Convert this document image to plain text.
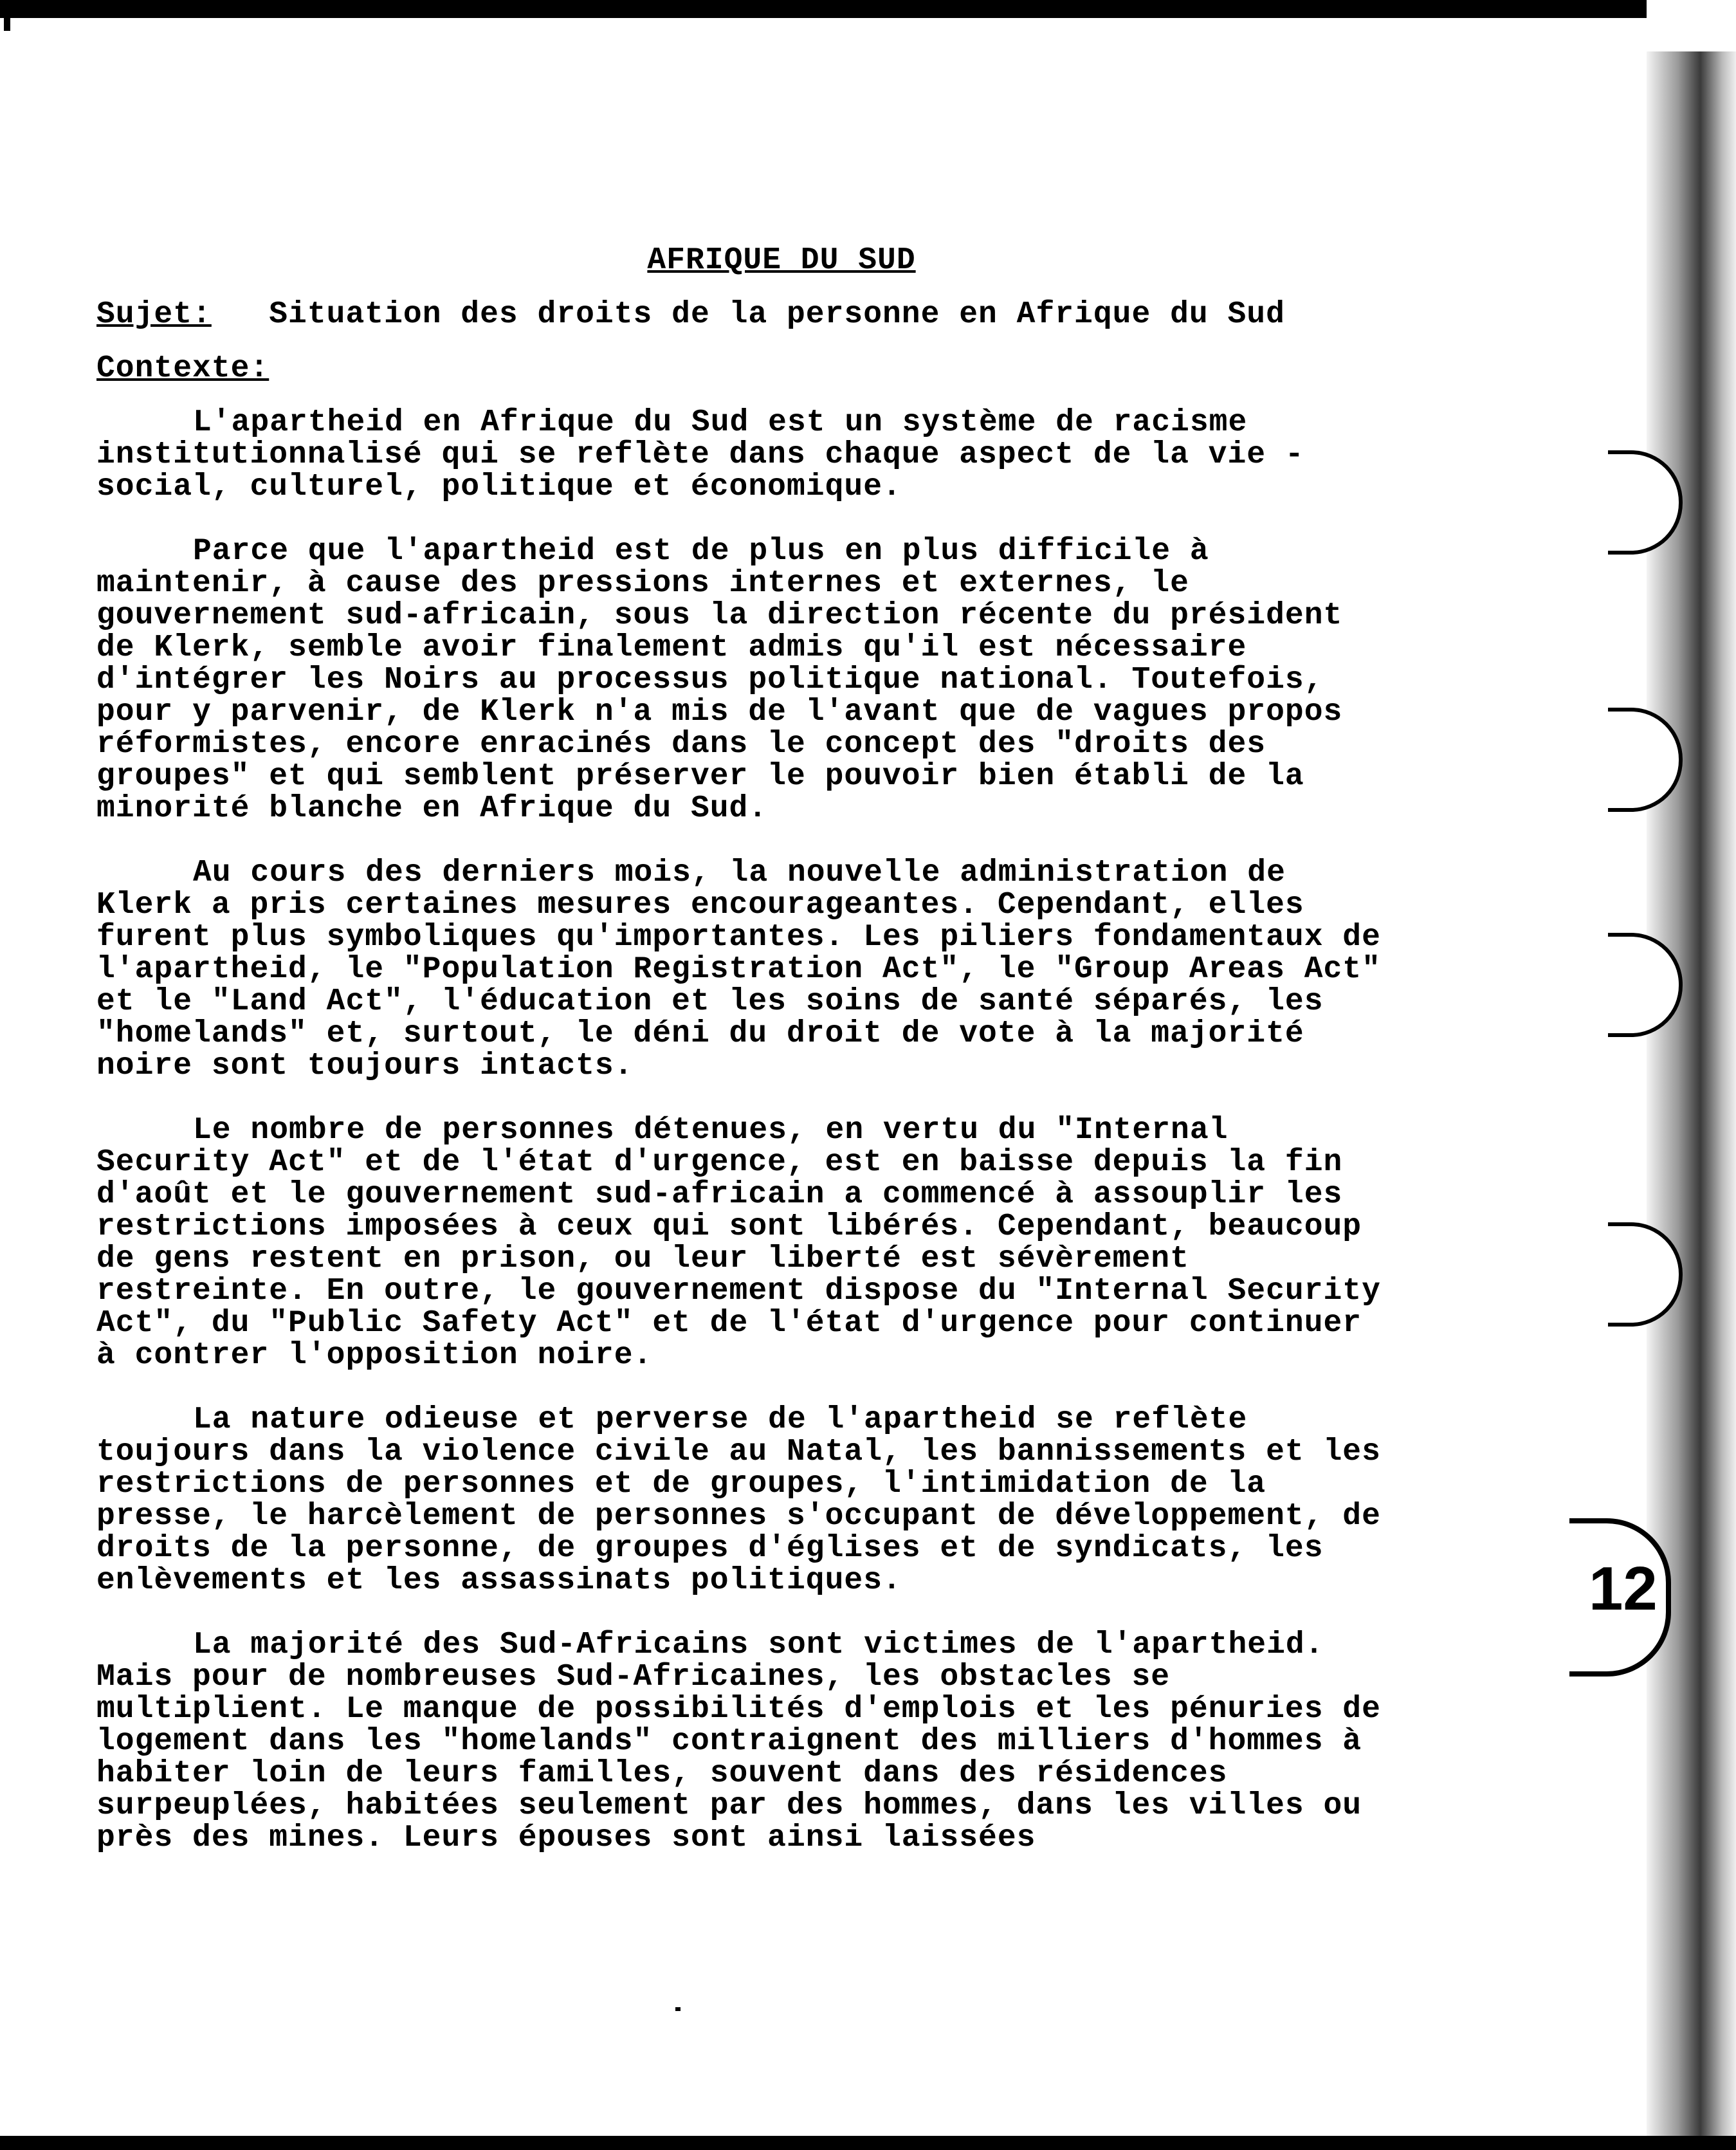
AFRIQUE DU SUD
Sujet: Situation des droits de la personne en Afrique du Sud
Contexte:

L'apartheid en Afrique du Sud est un système de racisme institutionnalisé qui se reflète dans chaque aspect de la vie - social, culturel, politique et économique.

Parce que l'apartheid est de plus en plus difficile à maintenir, à cause des pressions internes et externes, le gouvernement sud-africain, sous la direction récente du président de Klerk, semble avoir finalement admis qu'il est nécessaire d'intégrer les Noirs au processus politique national. Toutefois, pour y parvenir, de Klerk n'a mis de l'avant que de vagues propos réformistes, encore enracinés dans le concept des "droits des groupes" et qui semblent préserver le pouvoir bien établi de la minorité blanche en Afrique du Sud.

Au cours des derniers mois, la nouvelle administration de Klerk a pris certaines mesures encourageantes. Cependant, elles furent plus symboliques qu'importantes. Les piliers fondamentaux de l'apartheid, le "Population Registration Act", le "Group Areas Act" et le "Land Act", l'éducation et les soins de santé séparés, les "homelands" et, surtout, le déni du droit de vote à la majorité noire sont toujours intacts.

Le nombre de personnes détenues, en vertu du "Internal Security Act" et de l'état d'urgence, est en baisse depuis la fin d'août et le gouvernement sud-africain a commencé à assouplir les restrictions imposées à ceux qui sont libérés. Cependant, beaucoup de gens restent en prison, ou leur liberté est sévèrement restreinte. En outre, le gouvernement dispose du "Internal Security Act", du "Public Safety Act" et de l'état d'urgence pour continuer à contrer l'opposition noire.

La nature odieuse et perverse de l'apartheid se reflète toujours dans la violence civile au Natal, les bannissements et les restrictions de personnes et de groupes, l'intimidation de la presse, le harcèlement de personnes s'occupant de développement, de droits de la personne, de groupes d'églises et de syndicats, les enlèvements et les assassinats politiques.

La majorité des Sud-Africains sont victimes de l'apartheid. Mais pour de nombreuses Sud-Africaines, les obstacles se multiplient. Le manque de possibilités d'emplois et les pénuries de logement dans les "homelands" contraignent des milliers d'hommes à habiter loin de leurs familles, souvent dans des résidences surpeuplées, habitées seulement par des hommes, dans les villes ou près des mines. Leurs épouses sont ainsi laissées

12
